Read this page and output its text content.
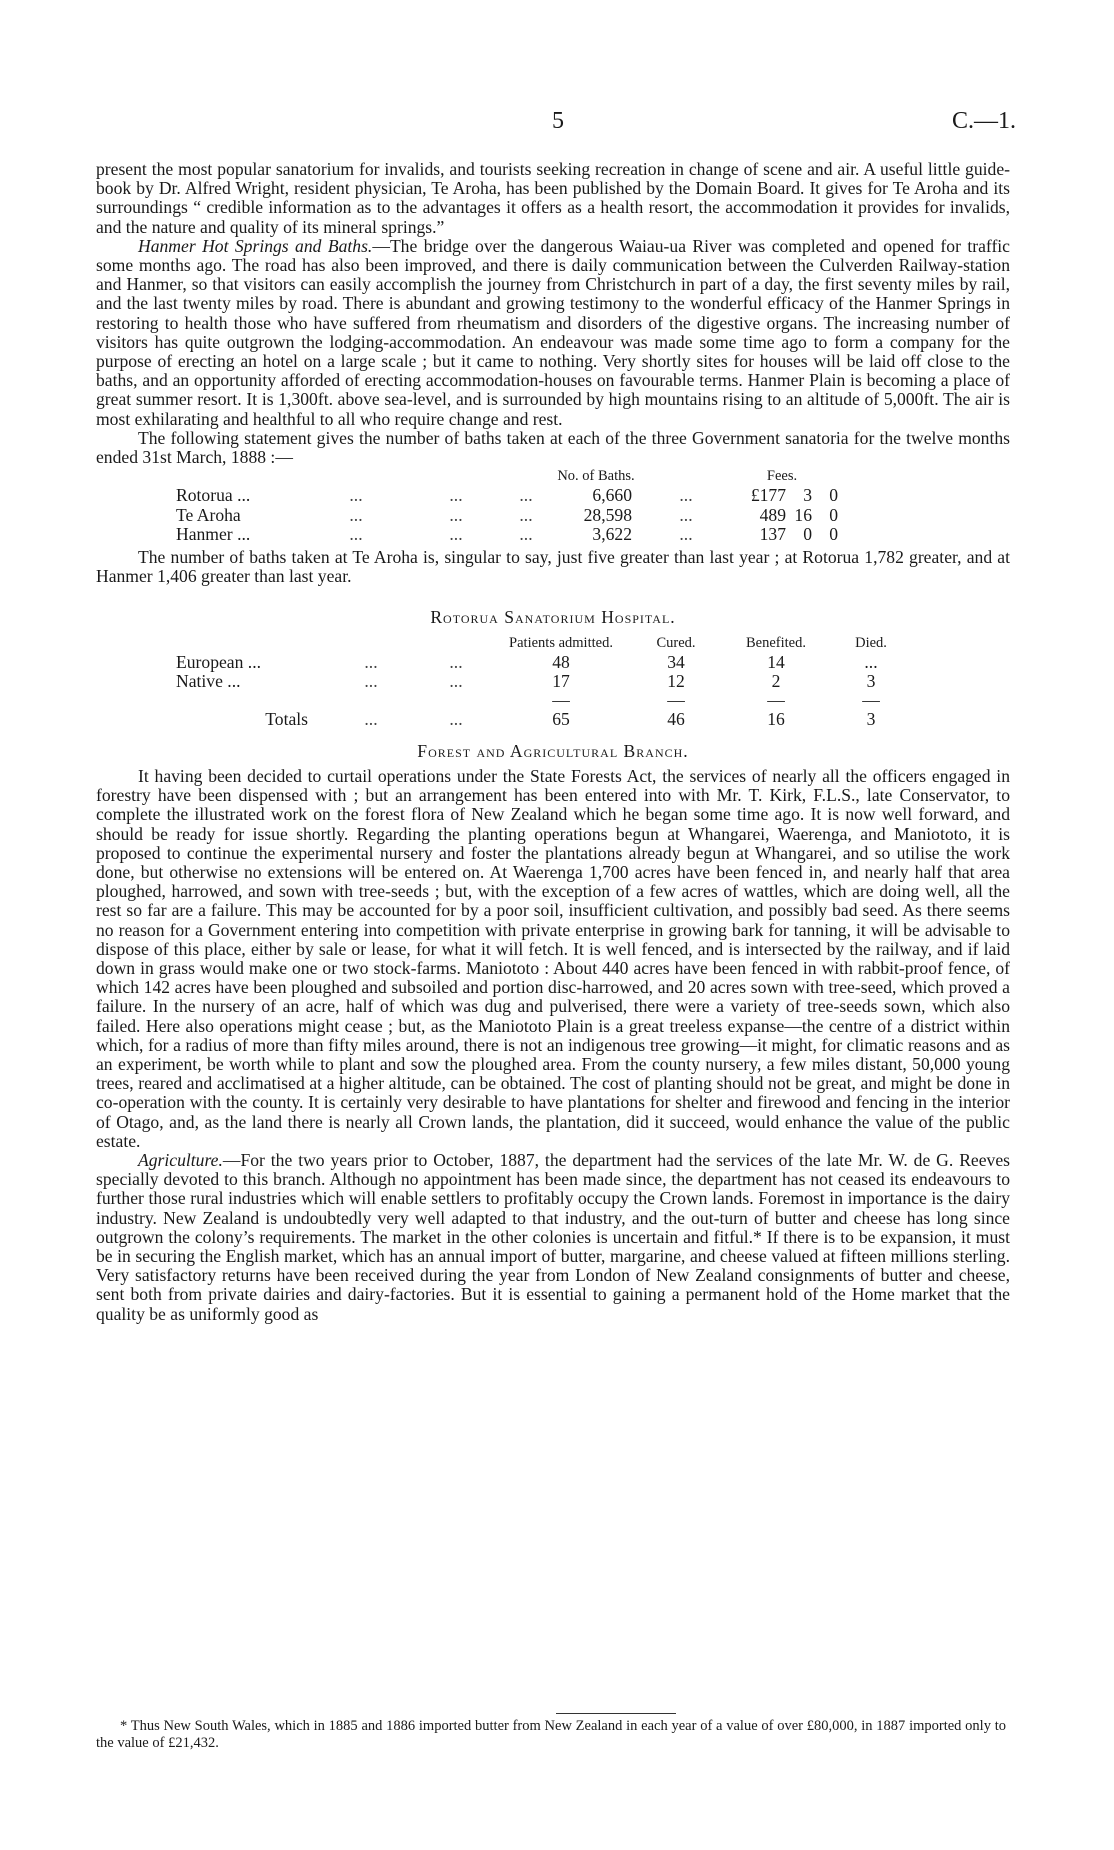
5	C.—1.

present the most popular sanatorium for invalids, and tourists seeking recreation in change of scene and air. A useful little guide-book by Dr. Alfred Wright, resident physician, Te Aroha, has been published by the Domain Board. It gives for Te Aroha and its surroundings “ credible information as to the advantages it offers as a health resort, the accommodation it provides for invalids, and the nature and quality of its mineral springs.”

Hanmer Hot Springs and Baths.—The bridge over the dangerous Waiau-ua River was completed and opened for traffic some months ago. The road has also been improved, and there is daily communication between the Culverden Railway-station and Hanmer, so that visitors can easily accomplish the journey from Christchurch in part of a day, the first seventy miles by rail, and the last twenty miles by road. There is abundant and growing testimony to the wonderful efficacy of the Hanmer Springs in restoring to health those who have suffered from rheumatism and disorders of the digestive organs. The increasing number of visitors has quite outgrown the lodging-accommodation. An endeavour was made some time ago to form a company for the purpose of erecting an hotel on a large scale ; but it came to nothing. Very shortly sites for houses will be laid off close to the baths, and an opportunity afforded of erecting accommodation-houses on favourable terms. Hanmer Plain is becoming a place of great summer resort. It is 1,300ft. above sea-level, and is surrounded by high mountains rising to an altitude of 5,000ft. The air is most exhilarating and healthful to all who require change and rest.

The following statement gives the number of baths taken at each of the three Government sanatoria for the twelve months ended 31st March, 1888 :—

				No. of Baths.		Fees.		
Rotorua ...	...	...	...	6,660	...	£177	3	0
Te Aroha	...	...	...	28,598	...	489	16	0
Hanmer ...	...	...	...	3,622	...	137	0	0

The number of baths taken at Te Aroha is, singular to say, just five greater than last year ; at Rotorua 1,782 greater, and at Hanmer 1,406 greater than last year.

Rotorua Sanatorium Hospital.

			Patients admitted.	Cured.	Benefited.	Died.
European ...	...	...	48	34	14	...
Native ...	...	...	17	12	2	3
			—	—	—	—
Totals	...	...	65	46	16	3

Forest and Agricultural Branch.

It having been decided to curtail operations under the State Forests Act, the services of nearly all the officers engaged in forestry have been dispensed with ; but an arrangement has been entered into with Mr. T. Kirk, F.L.S., late Conservator, to complete the illustrated work on the forest flora of New Zealand which he began some time ago. It is now well forward, and should be ready for issue shortly. Regarding the planting operations begun at Whangarei, Waerenga, and Maniototo, it is proposed to continue the experimental nursery and foster the plantations already begun at Whangarei, and so utilise the work done, but otherwise no extensions will be entered on. At Waerenga 1,700 acres have been fenced in, and nearly half that area ploughed, harrowed, and sown with tree-seeds ; but, with the exception of a few acres of wattles, which are doing well, all the rest so far are a failure. This may be accounted for by a poor soil, insufficient cultivation, and possibly bad seed. As there seems no reason for a Government entering into competition with private enterprise in growing bark for tanning, it will be advisable to dispose of this place, either by sale or lease, for what it will fetch. It is well fenced, and is intersected by the railway, and if laid down in grass would make one or two stock-farms. Maniototo : About 440 acres have been fenced in with rabbit-proof fence, of which 142 acres have been ploughed and subsoiled and portion disc-harrowed, and 20 acres sown with tree-seed, which proved a failure. In the nursery of an acre, half of which was dug and pulverised, there were a variety of tree-seeds sown, which also failed. Here also operations might cease ; but, as the Maniototo Plain is a great treeless expanse—the centre of a district within which, for a radius of more than fifty miles around, there is not an indigenous tree growing—it might, for climatic reasons and as an experiment, be worth while to plant and sow the ploughed area. From the county nursery, a few miles distant, 50,000 young trees, reared and acclimatised at a higher altitude, can be obtained. The cost of planting should not be great, and might be done in co-operation with the county. It is certainly very desirable to have plantations for shelter and firewood and fencing in the interior of Otago, and, as the land there is nearly all Crown lands, the plantation, did it succeed, would enhance the value of the public estate.

Agriculture.—For the two years prior to October, 1887, the department had the services of the late Mr. W. de G. Reeves specially devoted to this branch. Although no appointment has been made since, the department has not ceased its endeavours to further those rural industries which will enable settlers to profitably occupy the Crown lands. Foremost in importance is the dairy industry. New Zealand is undoubtedly very well adapted to that industry, and the out-turn of butter and cheese has long since outgrown the colony’s requirements. The market in the other colonies is uncertain and fitful.* If there is to be expansion, it must be in securing the English market, which has an annual import of butter, margarine, and cheese valued at fifteen millions sterling. Very satisfactory returns have been received during the year from London of New Zealand consignments of butter and cheese, sent both from private dairies and dairy-factories. But it is essential to gaining a permanent hold of the Home market that the quality be as uniformly good as

* Thus New South Wales, which in 1885 and 1886 imported butter from New Zealand in each year of a value of over £80,000, in 1887 imported only to the value of £21,432.
